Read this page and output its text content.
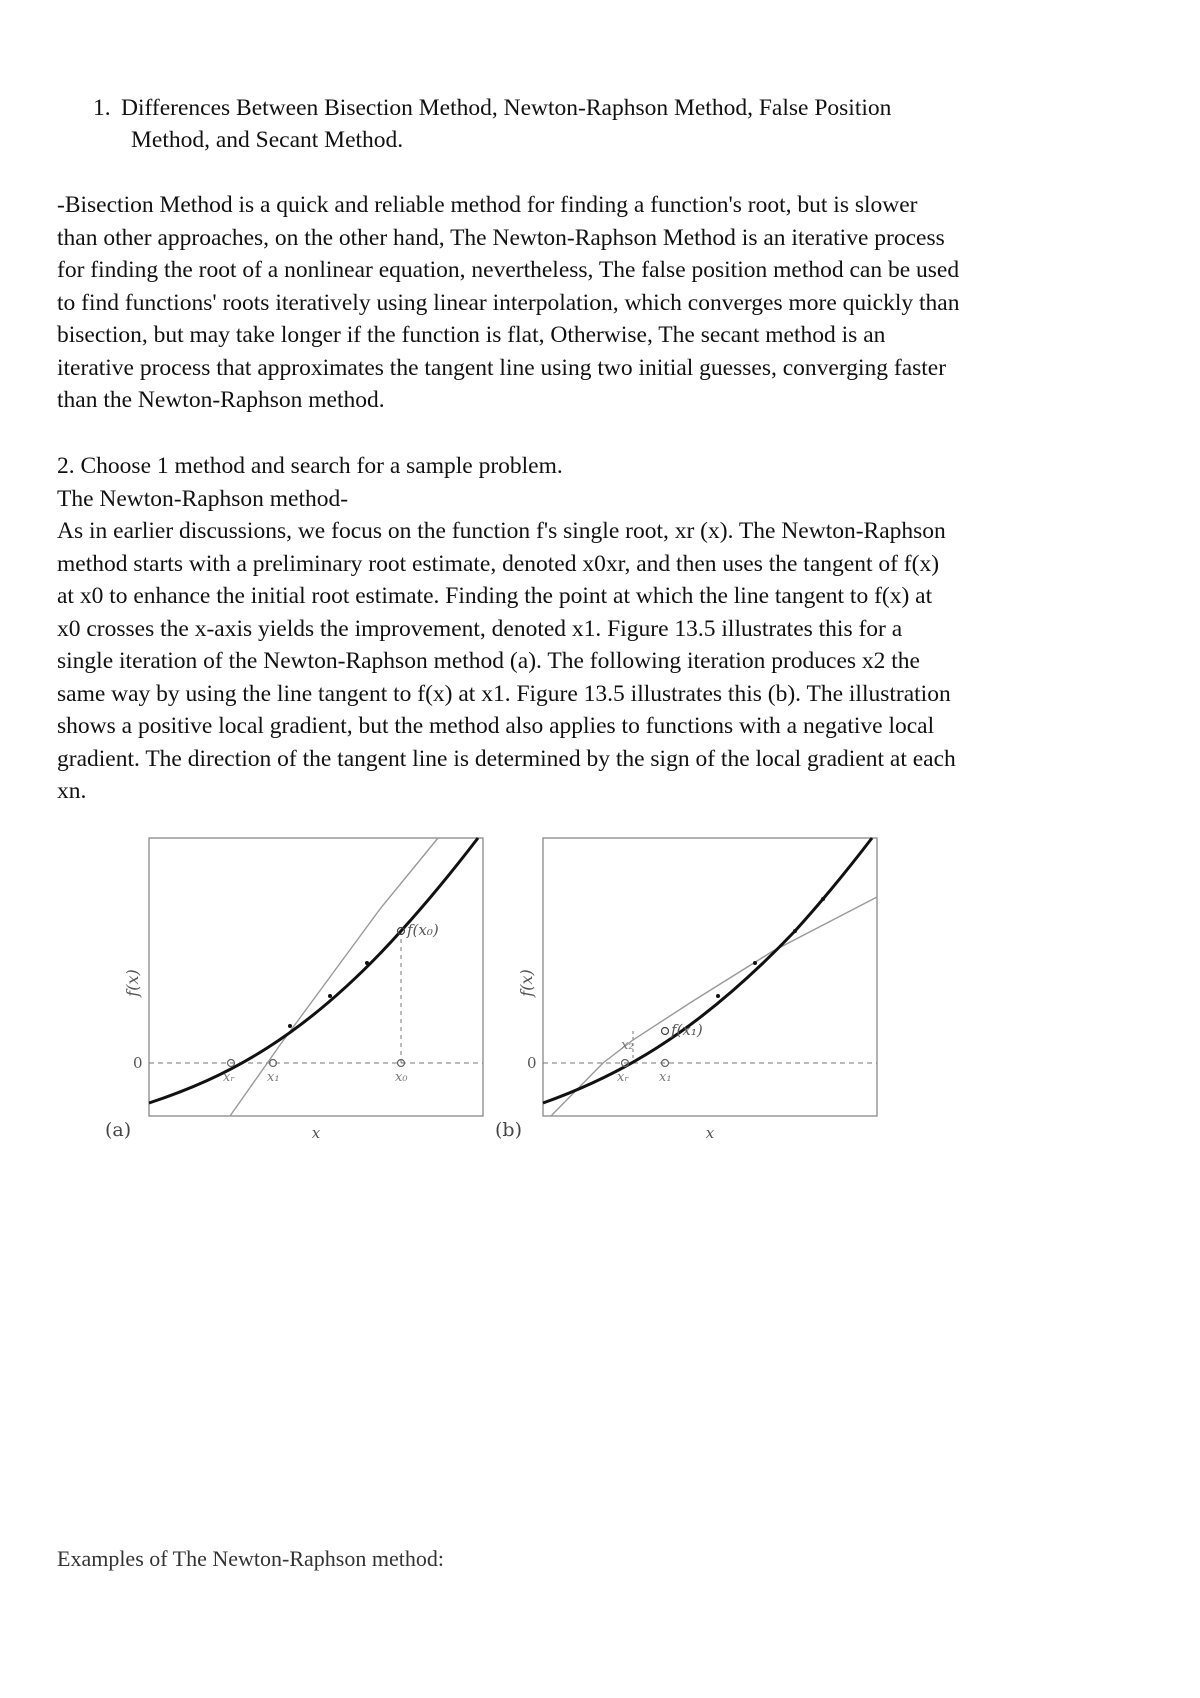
1. Differences Between Bisection Method, Newton-Raphson Method, False Position
Method, and Secant Method.
-Bisection Method is a quick and reliable method for finding a function's root, but is slower
than other approaches, on the other hand, The Newton-Raphson Method is an iterative process
for finding the root of a nonlinear equation, nevertheless, The false position method can be used
to find functions' roots iteratively using linear interpolation, which converges more quickly than
bisection, but may take longer if the function is flat, Otherwise, The secant method is an
iterative process that approximates the tangent line using two initial guesses, converging faster
than the Newton-Raphson method.
2. Choose 1 method and search for a sample problem.
The Newton-Raphson method-
As in earlier discussions, we focus on the function f's single root, xr (x). The Newton-Raphson
method starts with a preliminary root estimate, denoted x0xr, and then uses the tangent of f(x)
at x0 to enhance the initial root estimate. Finding the point at which the line tangent to f(x) at
x0 crosses the x-axis yields the improvement, denoted x1. Figure 13.5 illustrates this for a
single iteration of the Newton-Raphson method (a). The following iteration produces x2 the
same way by using the line tangent to f(x) at x1. Figure 13.5 illustrates this (b). The illustration
shows a positive local gradient, but the method also applies to functions with a negative local
gradient. The direction of the tangent line is determined by the sign of the local gradient at each
xn.
f(x₀)
xᵣ x₁	x₀
0
f(x)
x
(a)
f(x₁)
x₂
xᵣ x₁
0
f(x)
x
(b)
Examples of The Newton-Raphson method:
